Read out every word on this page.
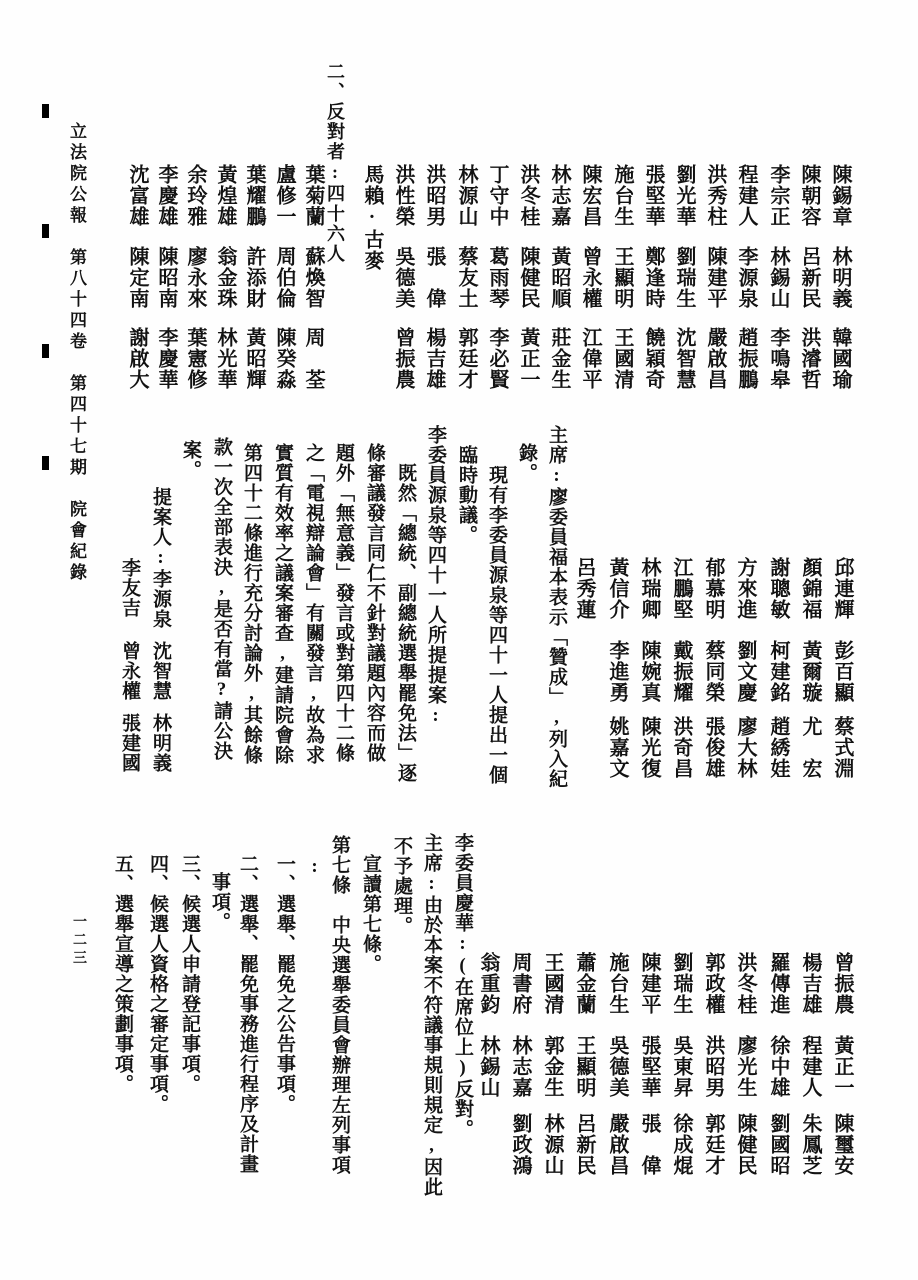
立法院公報　第八十四卷　第四十七期　院會紀錄	二、反對者:四十六人
一二三
陳錫章
林明義
韓國瑜
陳朝容
呂新民
洪濬哲
李宗正
林錫山
李鳴皋
程建人
李源泉
趙振鵬
洪秀柱
陳建平
嚴啟昌
劉光華
劉瑞生
沈智慧
張堅華
鄭逢時
饒穎奇
施台生
王顯明
王國清
陳宏昌
曾永權
江偉平
林志嘉
黃昭順
莊金生
洪冬桂
陳健民
黃正一
丁守中
葛雨琴
李必賢
林源山
蔡友土
郭廷才
洪昭男
張　偉
楊吉雄
洪性榮
吳德美
曾振農
馬賴·古麥
葉菊蘭
蘇煥智
周　荃
盧修一
周伯倫
陳癸淼
葉耀鵬
許添財
黃昭輝
黃煌雄
翁金珠
林光華
余玲雅
廖永來
葉憲修
李慶雄
陳昭南
李慶華
沈富雄
陳定南
謝啟大
邱連輝
彭百顯
蔡式淵
顏錦福
黃爾璇
尤　宏
謝聰敏
柯建銘
趙綉娃
方來進
劉文慶
廖大林
郁慕明
蔡同榮
張俊雄
江鵬堅
戴振耀
洪奇昌
林瑞卿
陳婉真
陳光復
黃信介
李進勇
姚嘉文
呂秀蓮
曾振農
黃正一
陳璽安
楊吉雄
程建人
朱鳳芝
羅傳進
徐中雄
劉國昭
洪冬桂
廖光生
陳健民
郭政權
洪昭男
郭廷才
劉瑞生
吳東昇
徐成焜
陳建平
張堅華
張　偉
施台生
吳德美
嚴啟昌
蕭金蘭
王顯明
呂新民
王國清
郭金生
林源山
周書府
林志嘉
劉政鴻
翁重鈞
林錫山
主席:廖委員福本表示「贊成」,列入紀
錄。
現有李委員源泉等四十一人提出一個
臨時動議。
李委員源泉等四十一人所提提案:
既然「總統、副總統選舉罷免法」逐
條審議發言同仁不針對議題內容而做
題外「無意義」發言或對第四十二條
之「電視辯論會」有關發言,故為求
實質有效率之議案審查,建請院會除
第四十二條進行充分討論外,其餘條
款一次全部表決,是否有當?請公決
案。
提案人:李源泉
沈智慧
林明義
李友吉
曾永權
張建國
李委員慶華:(在席位上)反對。
主席:由於本案不符議事規則規定,因此
不予處理。
宣讀第七條。
第七條　中央選舉委員會辦理左列事項
:
一、選舉、罷免之公告事項。
二、選舉、罷免事務進行程序及計畫
事項。
三、候選人申請登記事項。
四、候選人資格之審定事項。
五、選舉宣導之策劃事項。
